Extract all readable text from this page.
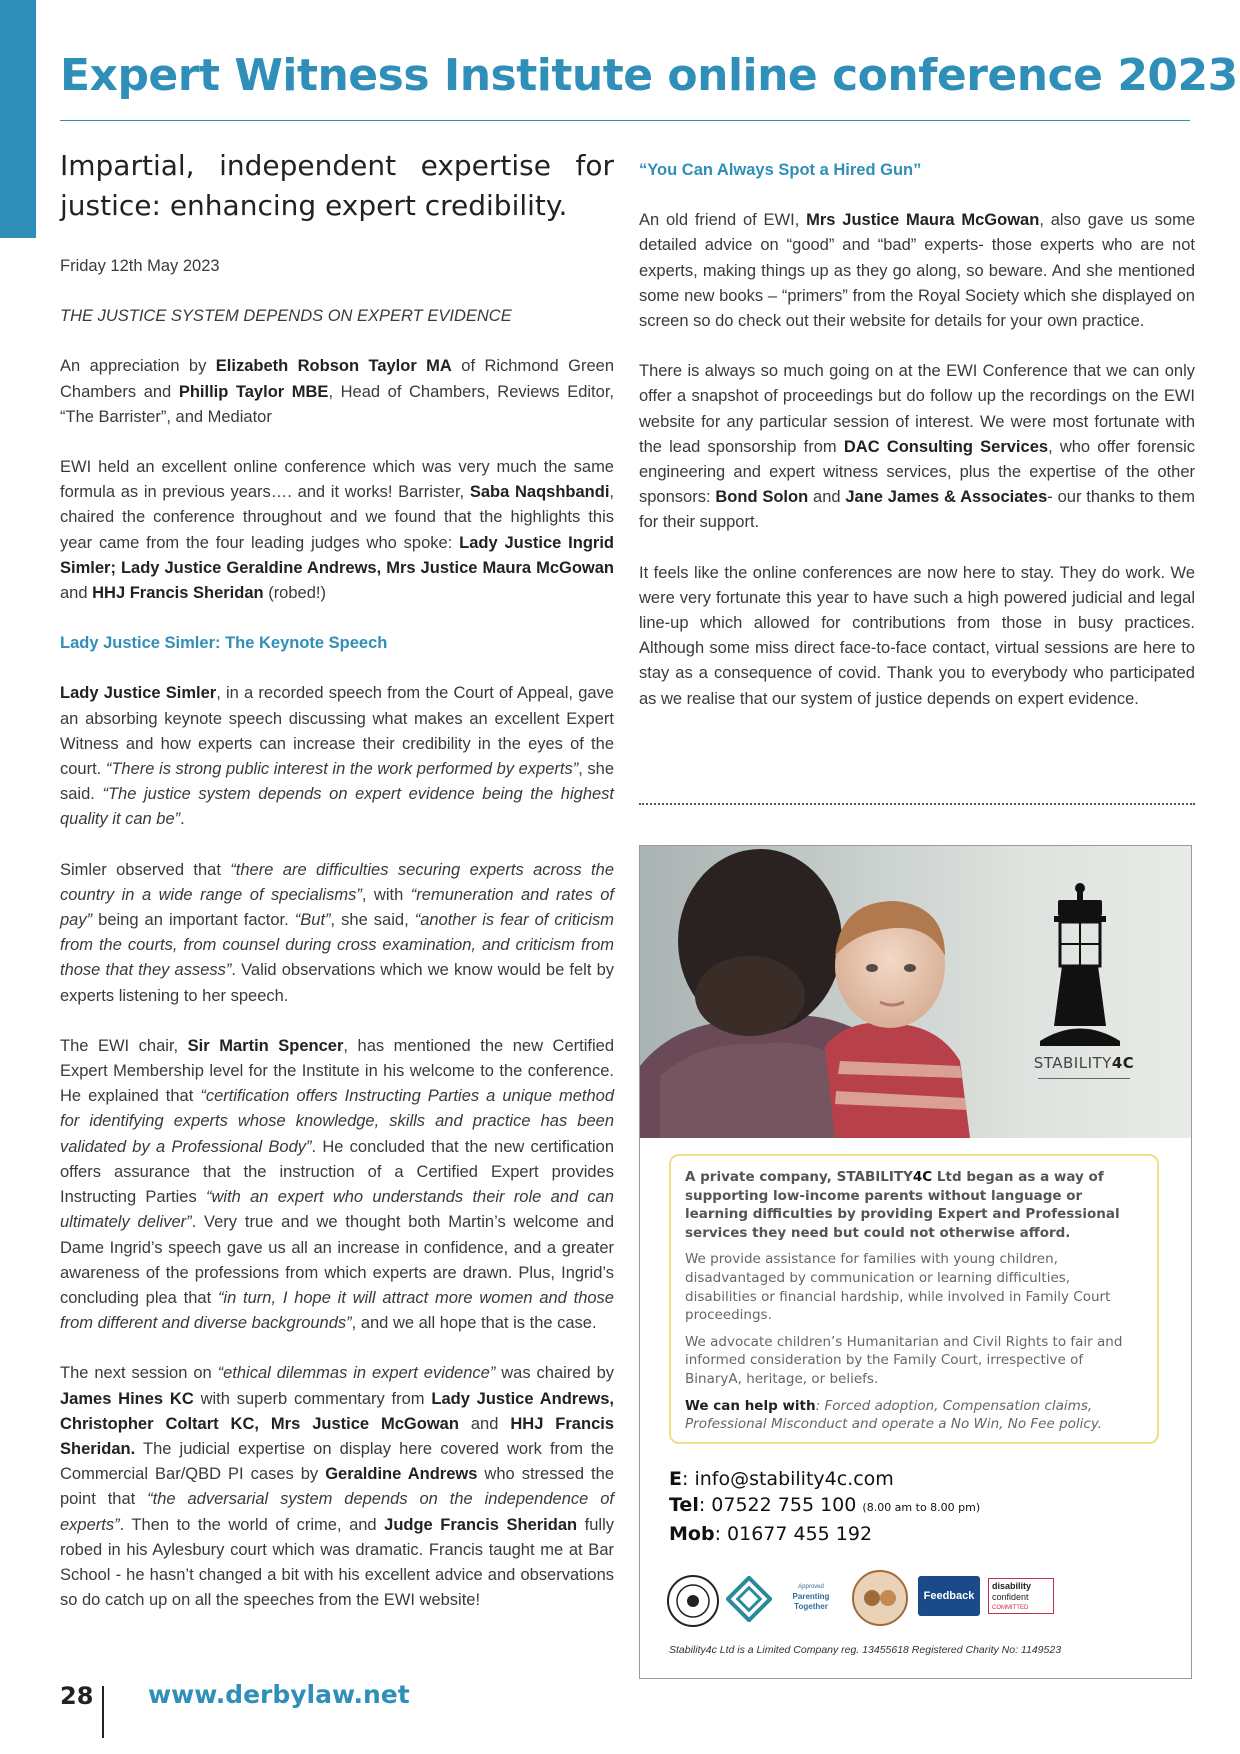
Expert Witness Institute online conference 2023
Impartial, independent expertise for justice: enhancing expert credibility.

Friday 12th May 2023

THE JUSTICE SYSTEM DEPENDS ON EXPERT EVIDENCE

An appreciation by Elizabeth Robson Taylor MA of Richmond Green Chambers and Phillip Taylor MBE, Head of Chambers, Reviews Editor, “The Barrister”, and Mediator

EWI held an excellent online conference which was very much the same formula as in previous years…. and it works! Barrister, Saba Naqshbandi, chaired the conference throughout and we found that the highlights this year came from the four leading judges who spoke: Lady Justice Ingrid Simler; Lady Justice Geraldine Andrews, Mrs Justice Maura McGowan and HHJ Francis Sheridan (robed!)

Lady Justice Simler: The Keynote Speech

Lady Justice Simler, in a recorded speech from the Court of Appeal, gave an absorbing keynote speech discussing what makes an excellent Expert Witness and how experts can increase their credibility in the eyes of the court. “There is strong public interest in the work performed by experts”, she said. “The justice system depends on expert evidence being the highest quality it can be”.

Simler observed that “there are difficulties securing experts across the country in a wide range of specialisms”, with “remuneration and rates of pay” being an important factor. “But”, she said, “another is fear of criticism from the courts, from counsel during cross examination, and criticism from those that they assess”. Valid observations which we know would be felt by experts listening to her speech.

The EWI chair, Sir Martin Spencer, has mentioned the new Certified Expert Membership level for the Institute in his welcome to the conference. He explained that “certification offers Instructing Parties a unique method for identifying experts whose knowledge, skills and practice has been validated by a Professional Body”. He concluded that the new certification offers assurance that the instruction of a Certified Expert provides Instructing Parties “with an expert who understands their role and can ultimately deliver”. Very true and we thought both Martin’s welcome and Dame Ingrid’s speech gave us all an increase in confidence, and a greater awareness of the professions from which experts are drawn. Plus, Ingrid’s concluding plea that “in turn, I hope it will attract more women and those from different and diverse backgrounds”, and we all hope that is the case.

The next session on “ethical dilemmas in expert evidence” was chaired by James Hines KC with superb commentary from Lady Justice Andrews, Christopher Coltart KC, Mrs Justice McGowan and HHJ Francis Sheridan. The judicial expertise on display here covered work from the Commercial Bar/QBD PI cases by Geraldine Andrews who stressed the point that “the adversarial system depends on the independence of experts”. Then to the world of crime, and Judge Francis Sheridan fully robed in his Aylesbury court which was dramatic. Francis taught me at Bar School - he hasn’t changed a bit with his excellent advice and observations so do catch up on all the speeches from the EWI website!

“You Can Always Spot a Hired Gun”

An old friend of EWI, Mrs Justice Maura McGowan, also gave us some detailed advice on “good” and “bad” experts- those experts who are not experts, making things up as they go along, so beware. And she mentioned some new books – “primers” from the Royal Society which she displayed on screen so do check out their website for details for your own practice.

There is always so much going on at the EWI Conference that we can only offer a snapshot of proceedings but do follow up the recordings on the EWI website for any particular session of interest. We were most fortunate with the lead sponsorship from DAC Consulting Services, who offer forensic engineering and expert witness services, plus the expertise of the other sponsors: Bond Solon and Jane James & Associates- our thanks to them for their support.

It feels like the online conferences are now here to stay. They do work. We were very fortunate this year to have such a high powered judicial and legal line-up which allowed for contributions from those in busy practices. Although some miss direct face-to-face contact, virtual sessions are here to stay as a consequence of covid. Thank you to everybody who participated as we realise that our system of justice depends on expert evidence.

STABILITY4C

A private company, STABILITY4C Ltd began as a way of supporting low-income parents without language or learning difficulties by providing Expert and Professional services they need but could not otherwise afford.

We provide assistance for families with young children, disadvantaged by communication or learning difficulties, disabilities or financial hardship, while involved in Family Court proceedings.

We advocate children’s Humanitarian and Civil Rights to fair and informed consideration by the Family Court, irrespective of BinaryA, heritage, or beliefs.

We can help with: Forced adoption, Compensation claims, Professional Misconduct and operate a No Win, No Fee policy.

E: info@stability4c.com
Tel: 07522 755 100 (8.00 am to 8.00 pm)
Mob: 01677 455 192
Approved
Parenting
Together
Feedback
disability
confident
COMMITTED
Stability4c Ltd is a Limited Company reg. 13455618 Registered Charity No: 1149523
28 www.derbylaw.net
